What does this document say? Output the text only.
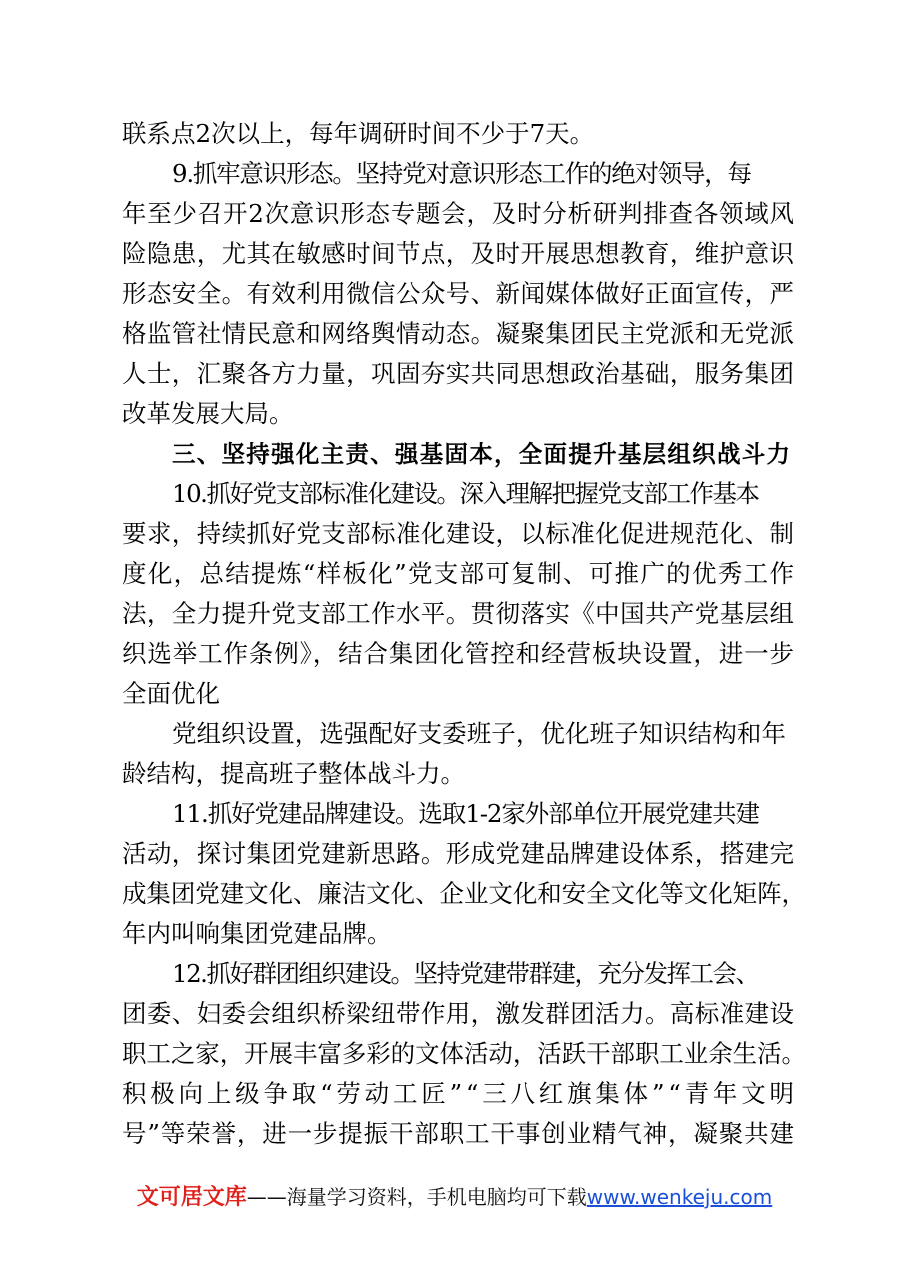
联系点2次以上，每年调研时间不少于7天。
9.抓牢意识形态。坚持党对意识形态工作的绝对领导，每
年至少召开2次意识形态专题会，及时分析研判排查各领域风
险隐患，尤其在敏感时间节点，及时开展思想教育，维护意识
形态安全。有效利用微信公众号、新闻媒体做好正面宣传，严
格监管社情民意和网络舆情动态。凝聚集团民主党派和无党派
人士，汇聚各方力量，巩固夯实共同思想政治基础，服务集团
改革发展大局。
三、坚持强化主责、强基固本，全面提升基层组织战斗力
10.抓好党支部标准化建设。深入理解把握党支部工作基本
要求，持续抓好党支部标准化建设，以标准化促进规范化、制
度化，总结提炼“样板化”党支部可复制、可推广的优秀工作
法，全力提升党支部工作水平。贯彻落实《中国共产党基层组
织选举工作条例》，结合集团化管控和经营板块设置，进一步
全面优化
党组织设置，选强配好支委班子，优化班子知识结构和年
龄结构，提高班子整体战斗力。
11.抓好党建品牌建设。选取1-2家外部单位开展党建共建
活动，探讨集团党建新思路。形成党建品牌建设体系，搭建完
成集团党建文化、廉洁文化、企业文化和安全文化等文化矩阵，
年内叫响集团党建品牌。
12.抓好群团组织建设。坚持党建带群建，充分发挥工会、
团委、妇委会组织桥梁纽带作用，激发群团活力。高标准建设
职工之家，开展丰富多彩的文体活动，活跃干部职工业余生活。
积极向上级争取“劳动工匠”“三八红旗集体”“青年文明
号”等荣誉，进一步提振干部职工干事创业精气神，凝聚共建
文可居文库——海量学习资料，手机电脑均可下载www.wenkeju.com
